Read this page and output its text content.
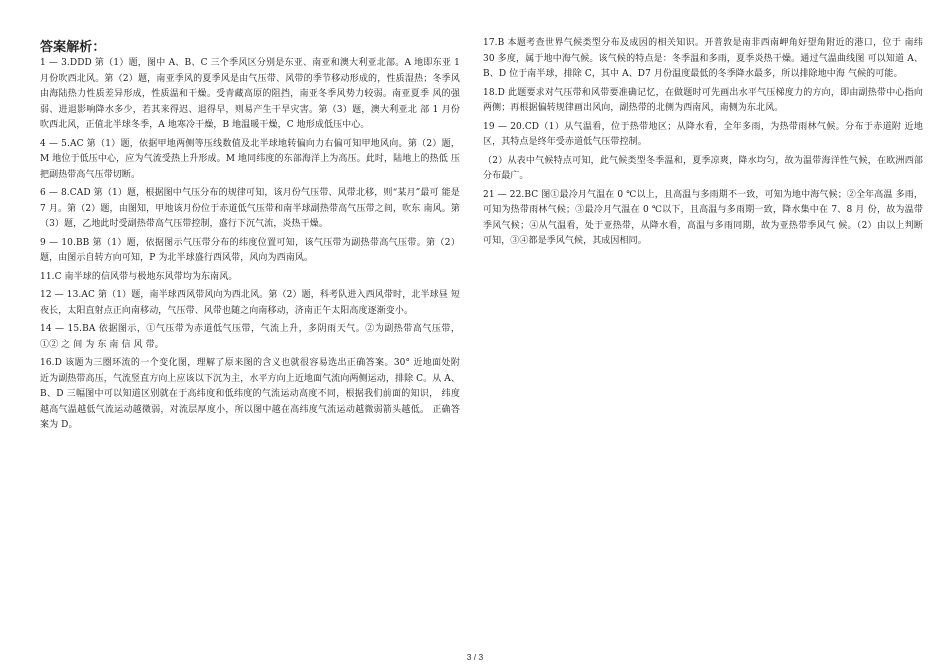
答案解析：

1 — 3.DDD 第（1）题，图中 A、B、C 三个季风区分别是东亚、南亚和澳大利亚北部。A 地即东亚 1 月份吹西北风。第（2）题，南亚季风的夏季风是由气压带、风带的季节移动形成的，性质湿热；冬季风由海陆热力性质差异形成，性质温和干燥。受青藏高原的阻挡，南亚冬季风势力较弱。南亚夏季 风的强弱、进退影响降水多少，若其来得迟、退得早，则易产生干旱灾害。第（3）题，澳大利亚北 部 1 月份吹西北风，正值北半球冬季，A 地寒冷干燥，B 地温暖干燥，C 地形成低压中心。

4 — 5.AC 第（1）题，依据甲地两侧等压线数值及北半球地转偏向力右偏可知甲地风向。第（2）题， M 地位于低压中心，应为气流受热上升形成。M 地同纬度的东部海洋上为高压。此时，陆地上的热低 压把副热带高气压带切断。

6 — 8.CAD 第（1）题，根据图中气压分布的规律可知，该月份气压带、风带北移，则“某月”最可 能是 7 月。第（2）题，由图知，甲地该月份位于赤道低气压带和南半球副热带高气压带之间，吹东 南风。第（3）题，乙地此时受副热带高气压带控制，盛行下沉气流，炎热干燥。

9 — 10.BB 第（1）题，依据图示气压带分布的纬度位置可知，该气压带为副热带高气压带。第（2） 题，由图示自转方向可知，P 为北半球盛行西风带，风向为西南风。

11.C 南半球的信风带与极地东风带均为东南风。

12 — 13.AC 第（1）题，南半球西风带风向为西北风。第（2）题，科考队进入西风带时，北半球昼 短夜长，太阳直射点正向南移动，气压带、风带也随之向南移动，济南正午太阳高度逐渐变小。

14 — 15.BA 依据图示，①气压带为赤道低气压带，气流上升，多阴雨天气。②为副热带高气压带，①② 之 间 为 东 南 信 风 带。

16.D 该题为三圈环流的一个变化图，理解了原来图的含义也就很容易选出正确答案。30° 近地面处附 近为副热带高压，气流竖直方向上应该以下沉为主，水平方向上近地面气流向两侧运动，排除 C。从 A、B、D 三幅图中可以知道区别就在于高纬度和低纬度的气流运动高度不同，根据我们前面的知识， 纬度越高气温越低气流运动越微弱，对流层厚度小，所以图中越在高纬度气流运动越微弱箭头越低。 正确答案为 D。

17.B 本题考查世界气候类型分布及成因的相关知识。开普敦是南非西南岬角好望角附近的港口，位于 南纬 30 多度，属于地中海气候。该气候的特点是：冬季温和多雨，夏季炎热干燥。通过气温曲线图 可以知道 A、B、D 位于南半球，排除 C，其中 A、D7 月份温度最低的冬季降水最多，所以排除地中海 气候的可能。

18.D 此题要求对气压带和风带要准确记忆，在做题时可先画出水平气压梯度力的方向，即由副热带中心指向两侧；再根据偏转规律画出风向，副热带的北侧为西南风，南侧为东北风。

19 — 20.CD（1）从气温看，位于热带地区；从降水看，全年多雨，为热带雨林气候。分布于赤道附 近地区，其特点是终年受赤道低气压带控制。

（2）从表中气候特点可知，此气候类型冬季温和，夏季凉爽，降水均匀，故为温带海洋性气候，在欧洲西部分布最广。

21 — 22.BC 图①最冷月气温在 0 ℃以上，且高温与多雨期不一致，可知为地中海气候；②全年高温 多雨，可知为热带雨林气候；③最冷月气温在 0 ℃以下，且高温与多雨期一致，降水集中在 7、8 月 份，故为温带季风气候；④从气温看，处于亚热带，从降水看，高温与多雨同期，故为亚热带季风气 候。（2）由以上判断可知，③④都是季风气候，其成因相同。

3 / 3
